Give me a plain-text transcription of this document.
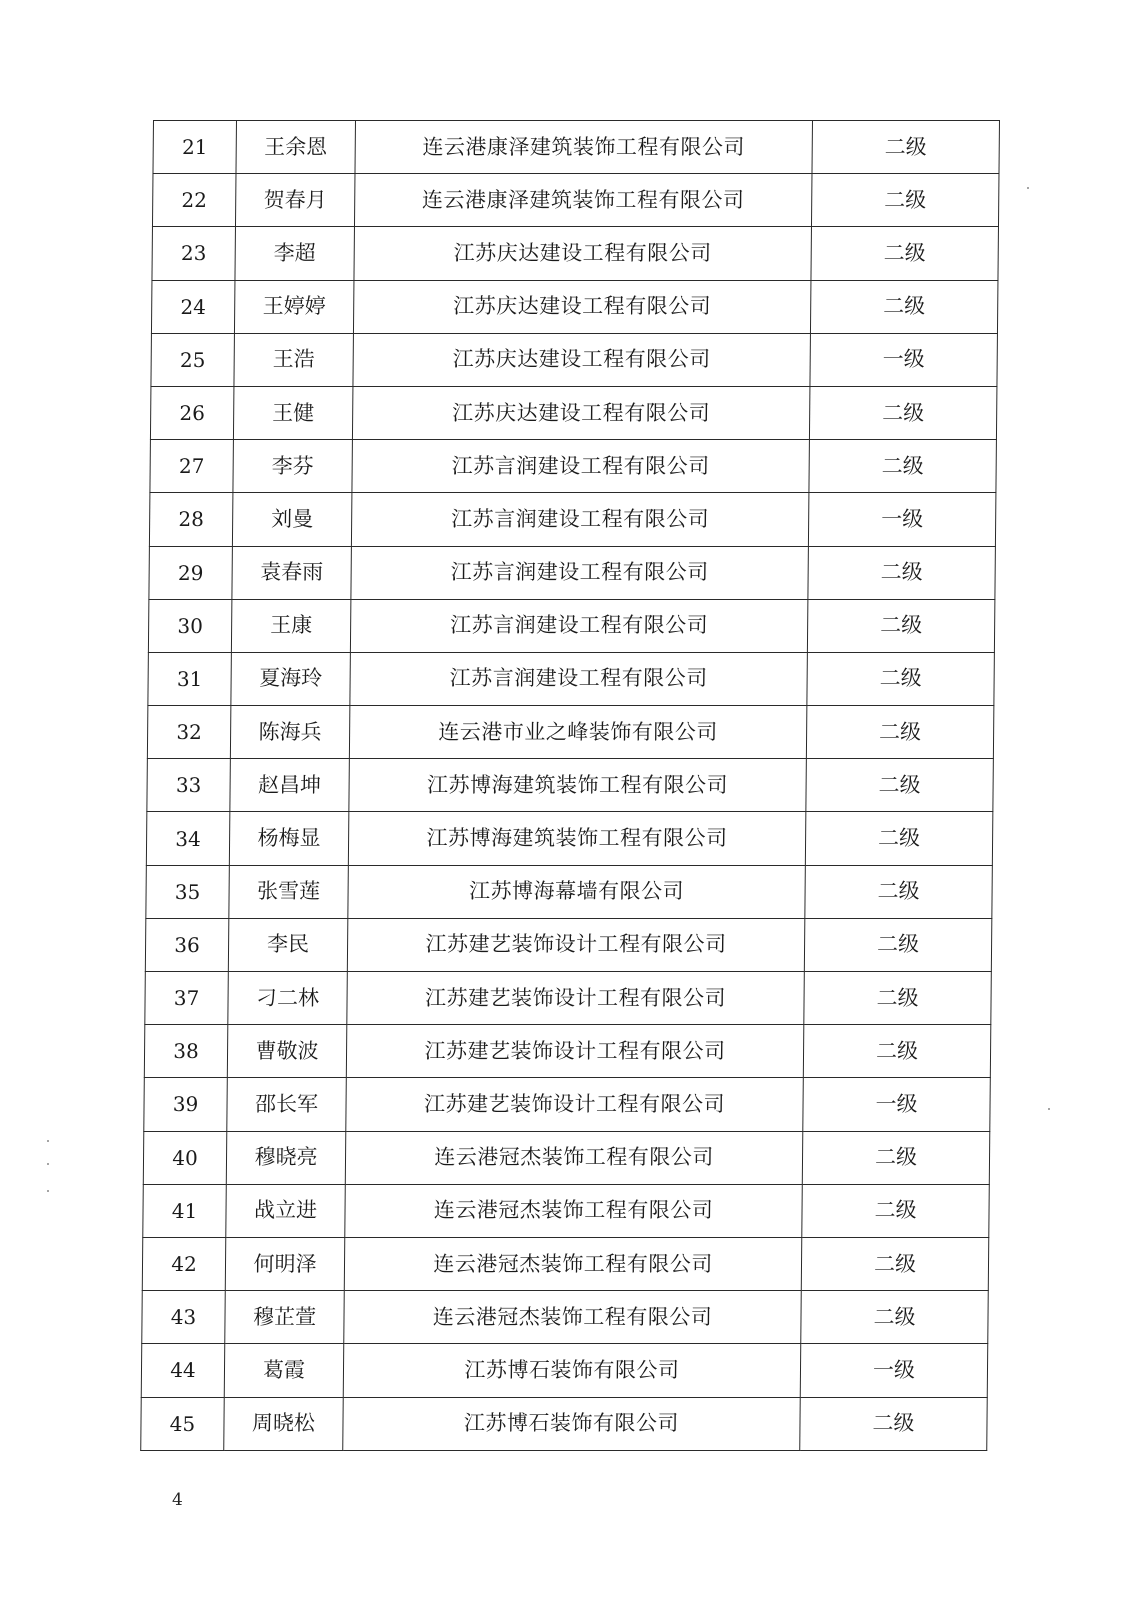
21	王余恩	连云港康泽建筑装饰工程有限公司	二级
22	贺春月	连云港康泽建筑装饰工程有限公司	二级
23	李超	江苏庆达建设工程有限公司	二级
24	王婷婷	江苏庆达建设工程有限公司	二级
25	王浩	江苏庆达建设工程有限公司	一级
26	王健	江苏庆达建设工程有限公司	二级
27	李芬	江苏言润建设工程有限公司	二级
28	刘曼	江苏言润建设工程有限公司	一级
29	袁春雨	江苏言润建设工程有限公司	二级
30	王康	江苏言润建设工程有限公司	二级
31	夏海玲	江苏言润建设工程有限公司	二级
32	陈海兵	连云港市业之峰装饰有限公司	二级
33	赵昌坤	江苏博海建筑装饰工程有限公司	二级
34	杨梅显	江苏博海建筑装饰工程有限公司	二级
35	张雪莲	江苏博海幕墙有限公司	二级
36	李民	江苏建艺装饰设计工程有限公司	二级
37	刁二林	江苏建艺装饰设计工程有限公司	二级
38	曹敬波	江苏建艺装饰设计工程有限公司	二级
39	邵长军	江苏建艺装饰设计工程有限公司	一级
40	穆晓亮	连云港冠杰装饰工程有限公司	二级
41	战立进	连云港冠杰装饰工程有限公司	二级
42	何明泽	连云港冠杰装饰工程有限公司	二级
43	穆芷萱	连云港冠杰装饰工程有限公司	二级
44	葛霞	江苏博石装饰有限公司	一级
45	周晓松	江苏博石装饰有限公司	二级
4
